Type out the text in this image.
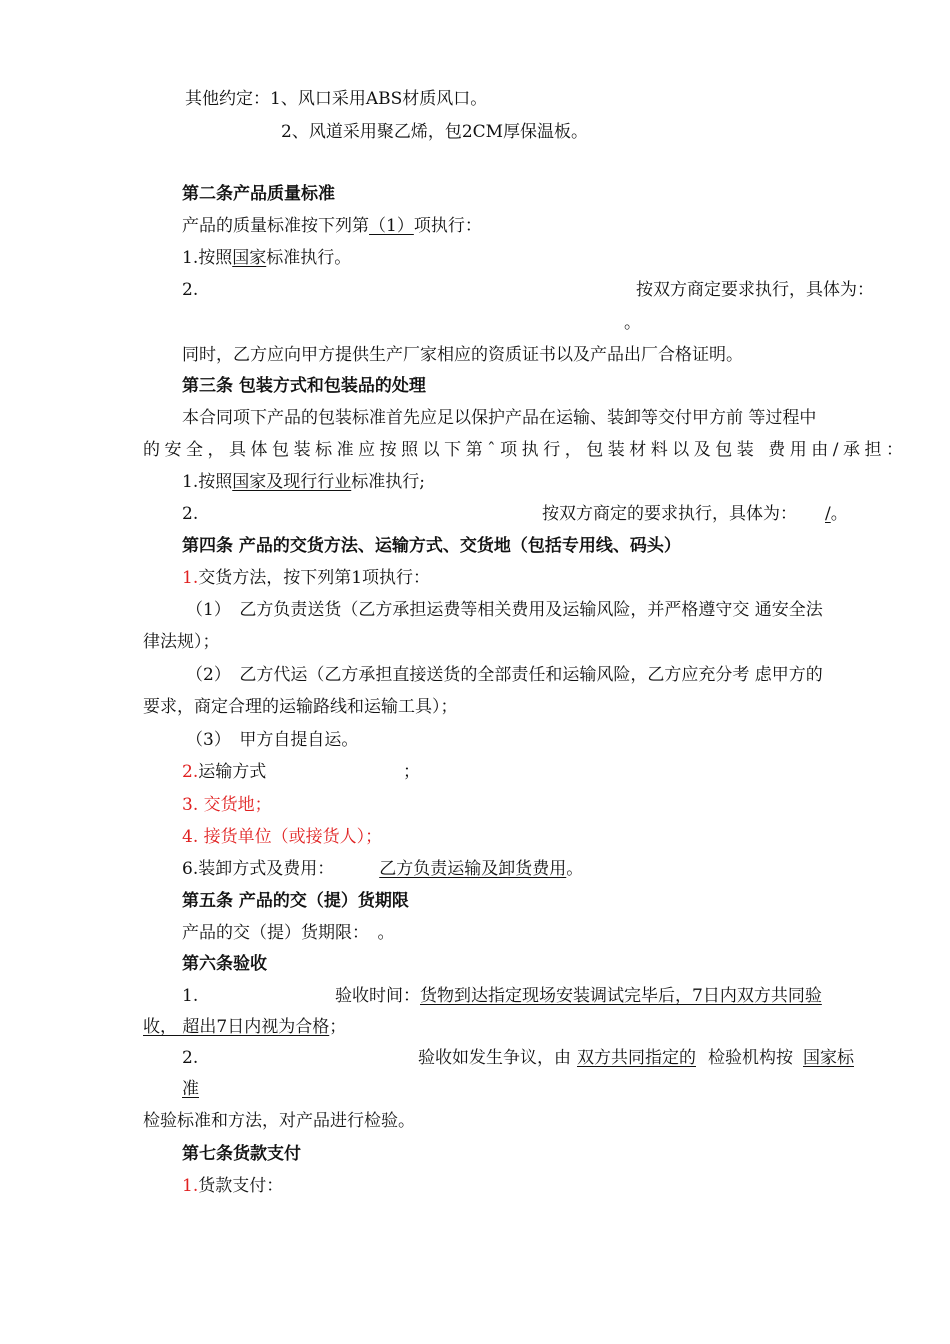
其他约定：1、风口采用ABS材质风口。
2、风道采用聚乙烯，包2CM厚保温板。
第二条产品质量标准
产品的质量标准按下列第（1）项执行：
1.按照国家标准执行。
2.	按双方商定要求执行，具体为：
。
同时，乙方应向甲方提供生产厂家相应的资质证书以及产品出厂合格证明。
第三条 包装方式和包装品的处理
本合同项下产品的包装标准首先应足以保护产品在运输、装卸等交付甲方前 等过程中
的安全，具体包装标准应按照以下第ˆ项执行，包装材料以及包装 费用由/承担：
1.按照国家及现行行业标准执行;
2.	按双方商定的要求执行，具体为： /。
第四条 产品的交货方法、运输方式、交货地（包括专用线、码头）
1.交货方法，按下列第1项执行：
（1）　乙方负责送货（乙方承担运费等相关费用及运输风险，并严格遵守交 通安全法
律法规）；
（2）　乙方代运（乙方承担直接送货的全部责任和运输风险，乙方应充分考 虑甲方的
要求，商定合理的运输路线和运输工具）；
（3）　甲方自提自运。
2.运输方式	；
3. 交货地；
4. 接货单位（或接货人）；
6.装卸方式及费用：	乙方负责运输及卸货费用。
第五条 产品的交（提）货期限
产品的交（提）货期限：　。
第六条验收
1.	验收时间：货物到达指定现场安装调试完毕后，7日内双方共同验
收， 超出7日内视为合格；
2.	验收如发生争议，由 双方共同指定的 检验机构按 国家标
准
检验标准和方法，对产品进行检验。
第七条货款支付
1.货款支付：
